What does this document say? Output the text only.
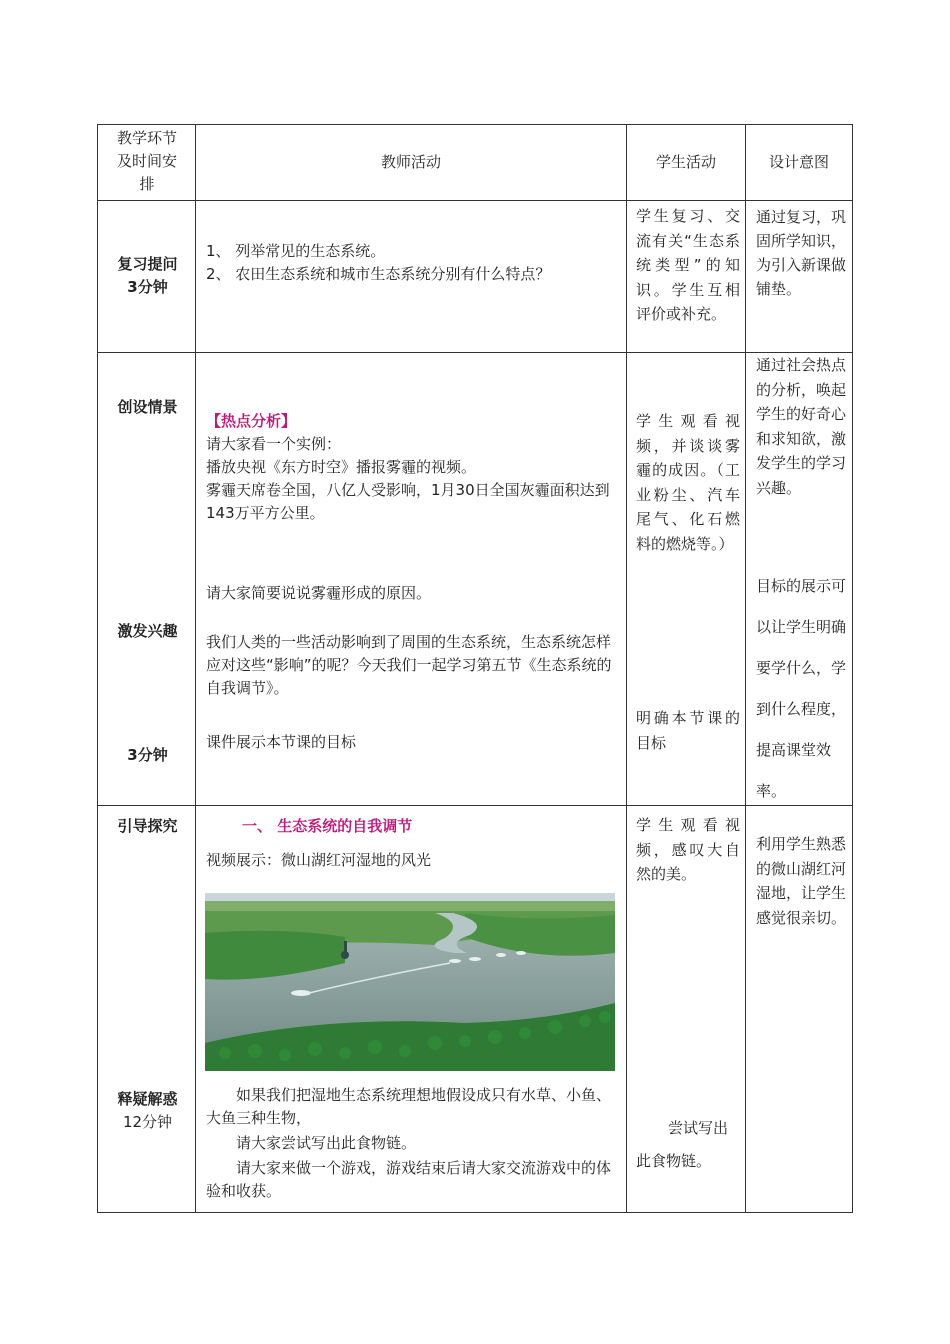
教学环节及时间安排
教师活动	学生活动	设计意图
复习提问
3分钟

1、 列举常见的生态系统。

2、 农田生态系统和城市生态系统分别有什么特点？

学生复习、交流有关“生态系统类型”的知识。学生互相评价或补充。
通过复习，巩固所学知识，为引入新课做铺垫。
创设情景
激发兴趣
3分钟

【热点分析】

请大家看一个实例：

播放央视《东方时空》播报雾霾的视频。

雾霾天席卷全国，八亿人受影响，1月30日全国灰霾面积达到143万平方公里。

请大家简要说说雾霾形成的原因。
我们人类的一些活动影响到了周围的生态系统，生态系统怎样应对这些“影响”的呢？今天我们一起学习第五节《生态系统的自我调节》。
课件展示本节课的目标
学生观看视频，并谈谈雾霾的成因。（工业粉尘、汽车尾气、化石燃料的燃烧等。）
明确本节课的目标
通过社会热点的分析，唤起学生的好奇心和求知欲，激发学生的学习兴趣。
目标的展示可以让学生明确要学什么，学到什么程度，提高课堂效率。
引导探究
释疑解惑
12分钟
一、 生态系统的自我调节
视频展示：微山湖红河湿地的风光
如果我们把湿地生态系统理想地假设成只有水草、小鱼、大鱼三种生物，
请大家尝试写出此食物链。
请大家来做一个游戏，游戏结束后请大家交流游戏中的体验和收获。
学生观看视频，感叹大自然的美。
尝试写出此食物链。
利用学生熟悉的微山湖红河湿地，让学生感觉很亲切。
